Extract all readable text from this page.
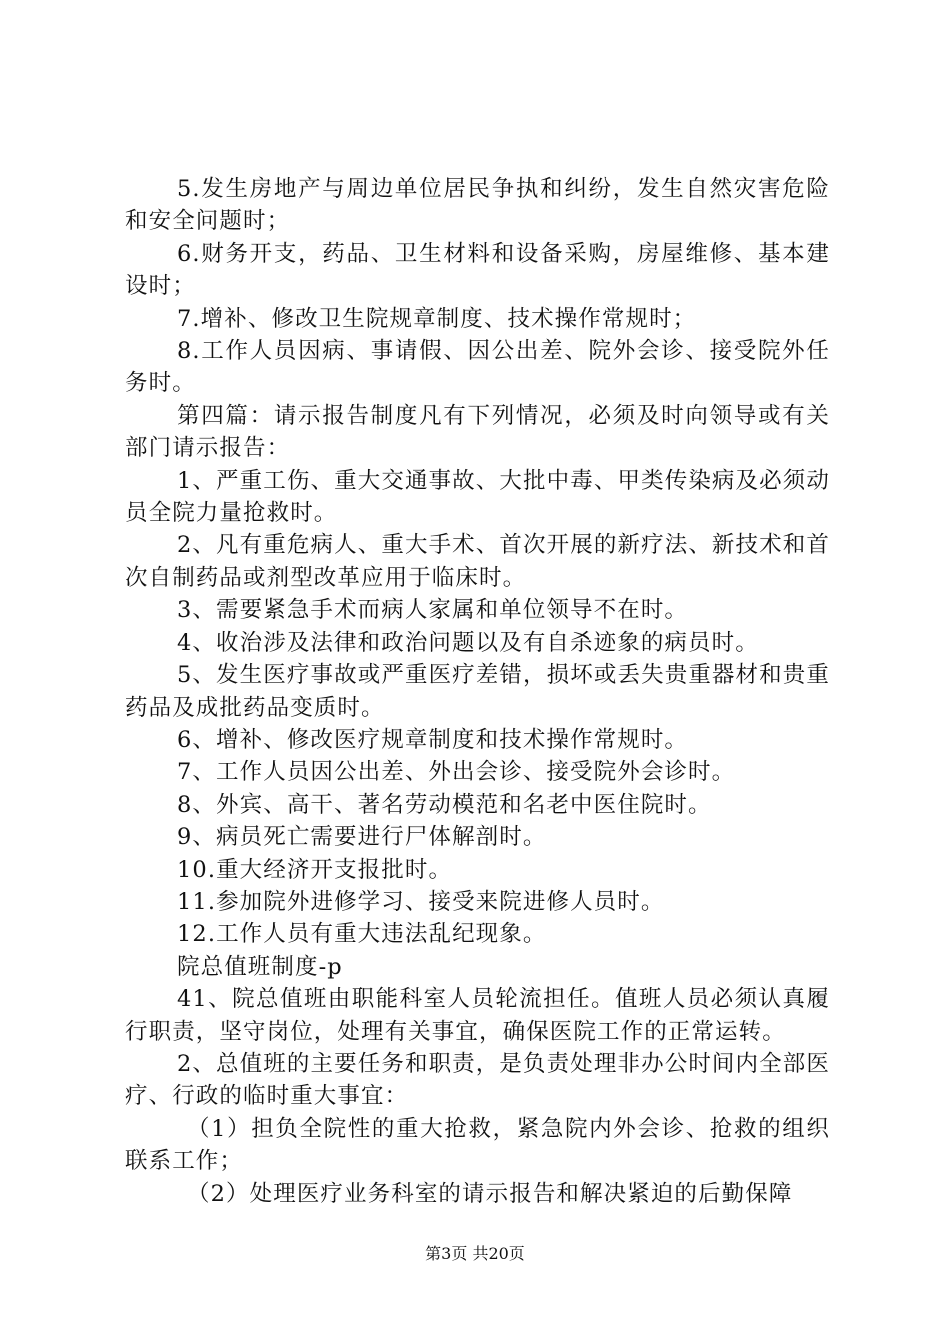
5.发生房地产与周边单位居民争执和纠纷，发生自然灾害危险和安全问题时；

6.财务开支，药品、卫生材料和设备采购，房屋维修、基本建设时；

7.增补、修改卫生院规章制度、技术操作常规时；

8.工作人员因病、事请假、因公出差、院外会诊、接受院外任务时。

第四篇：请示报告制度凡有下列情况，必须及时向领导或有关部门请示报告：

1、严重工伤、重大交通事故、大批中毒、甲类传染病及必须动员全院力量抢救时。

2、凡有重危病人、重大手术、首次开展的新疗法、新技术和首次自制药品或剂型改革应用于临床时。

3、需要紧急手术而病人家属和单位领导不在时。

4、收治涉及法律和政治问题以及有自杀迹象的病员时。

5、发生医疗事故或严重医疗差错，损坏或丢失贵重器材和贵重药品及成批药品变质时。

6、增补、修改医疗规章制度和技术操作常规时。

7、工作人员因公出差、外出会诊、接受院外会诊时。

8、外宾、高干、著名劳动模范和名老中医住院时。

9、病员死亡需要进行尸体解剖时。

10.重大经济开支报批时。

11.参加院外进修学习、接受来院进修人员时。

12.工作人员有重大违法乱纪现象。

院总值班制度-p

41、院总值班由职能科室人员轮流担任。值班人员必须认真履行职责，坚守岗位，处理有关事宜，确保医院工作的正常运转。

2、总值班的主要任务和职责，是负责处理非办公时间内全部医疗、行政的临时重大事宜：

（1）担负全院性的重大抢救，紧急院内外会诊、抢救的组织联系工作；

（2）处理医疗业务科室的请示报告和解决紧迫的后勤保障

第3页 共20页
